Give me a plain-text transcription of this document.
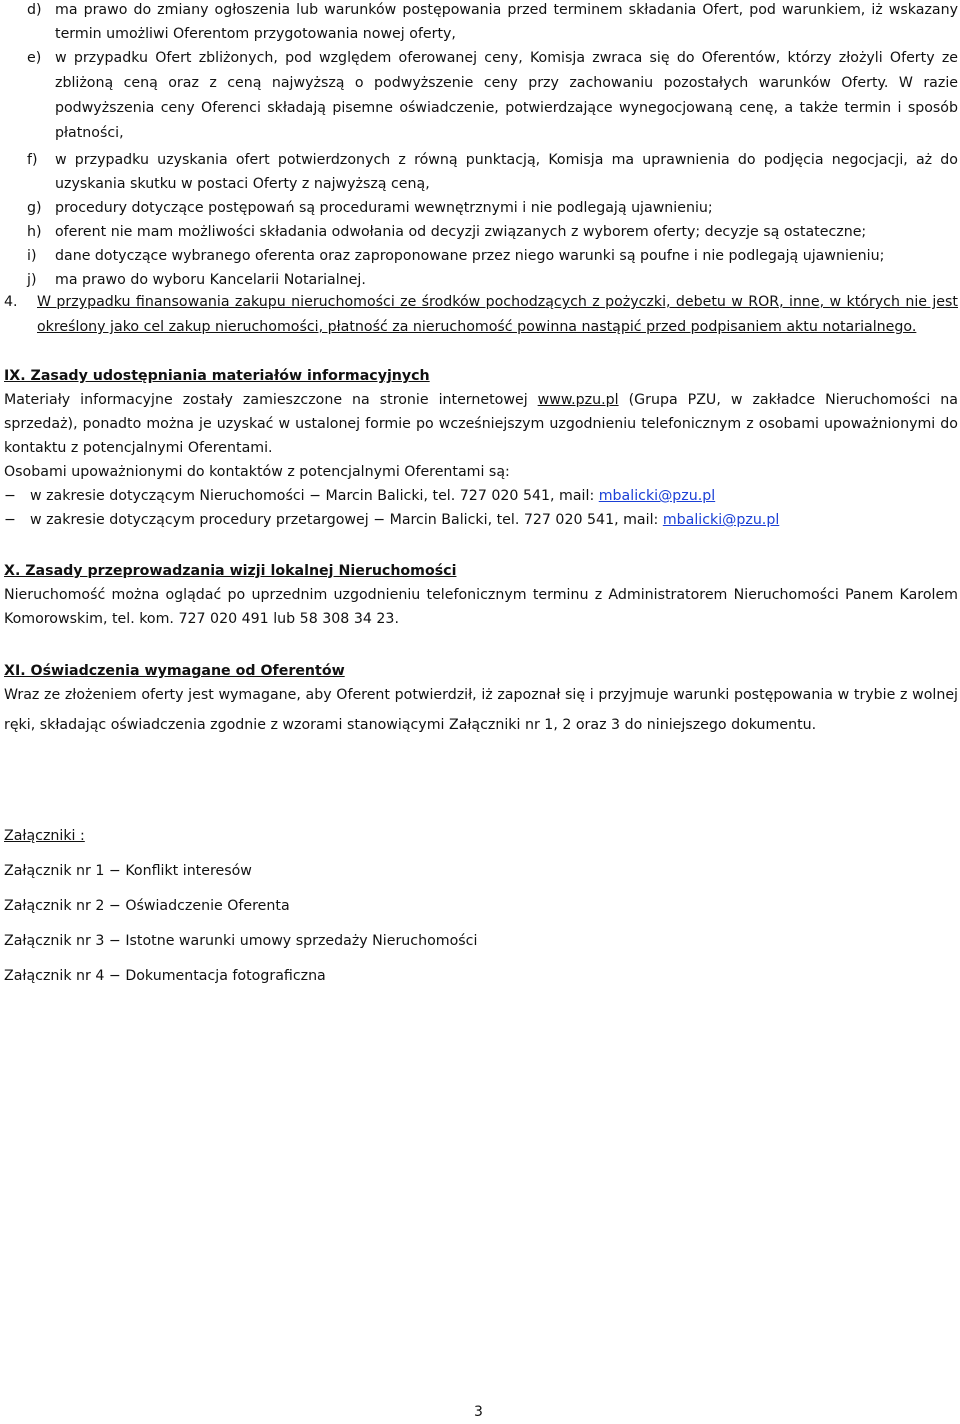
d) ma prawo do zmiany ogłoszenia lub warunków postępowania przed terminem składania Ofert, pod warunkiem, iż wskazany termin umożliwi Oferentom przygotowania nowej oferty,
e) w przypadku Ofert zbliżonych, pod względem oferowanej ceny, Komisja zwraca się do Oferentów, którzy złożyli Oferty ze zbliżoną ceną oraz z ceną najwyższą o podwyższenie ceny przy zachowaniu pozostałych warunków Oferty. W razie podwyższenia ceny Oferenci składają pisemne oświadczenie, potwierdzające wynegocjowaną cenę, a także termin i sposób płatności,
f) w przypadku uzyskania ofert potwierdzonych z równą punktacją, Komisja ma uprawnienia do podjęcia negocjacji, aż do uzyskania skutku w postaci Oferty z najwyższą ceną,
g) procedury dotyczące postępowań są procedurami wewnętrznymi i nie podlegają ujawnieniu;
h) oferent nie mam możliwości składania odwołania od decyzji związanych z wyborem oferty; decyzje są ostateczne;
i) dane dotyczące wybranego oferenta oraz zaproponowane przez niego warunki są poufne i nie podlegają ujawnieniu;
j) ma prawo do wyboru Kancelarii Notarialnej.
4. W przypadku finansowania zakupu nieruchomości ze środków pochodzących z pożyczki, debetu w ROR, inne, w których nie jest określony jako cel zakup nieruchomości, płatność za nieruchomość powinna nastąpić przed podpisaniem aktu notarialnego.

IX. Zasady udostępniania materiałów informacyjnych

Materiały informacyjne zostały zamieszczone na stronie internetowej www.pzu.pl (Grupa PZU, w zakładce Nieruchomości na sprzedaż), ponadto można je uzyskać w ustalonej formie po wcześniejszym uzgodnieniu telefonicznym z osobami upoważnionymi do kontaktu z potencjalnymi Oferentami.

Osobami upoważnionymi do kontaktów z potencjalnymi Oferentami są:

− w zakresie dotyczącym Nieruchomości − Marcin Balicki, tel. 727 020 541, mail: mbalicki@pzu.pl
− w zakresie dotyczącym procedury przetargowej − Marcin Balicki, tel. 727 020 541, mail: mbalicki@pzu.pl

X. Zasady przeprowadzania wizji lokalnej Nieruchomości

Nieruchomość można oglądać po uprzednim uzgodnieniu telefonicznym terminu z Administratorem Nieruchomości Panem Karolem Komorowskim, tel. kom. 727 020 491 lub 58 308 34 23.

XI. Oświadczenia wymagane od Oferentów

Wraz ze złożeniem oferty jest wymagane, aby Oferent potwierdził, iż zapoznał się i przyjmuje warunki postępowania w trybie z wolnej ręki, składając oświadczenia zgodnie z wzorami stanowiącymi Załączniki nr 1, 2 oraz 3 do niniejszego dokumentu.

Załączniki :

Załącznik nr 1 − Konflikt interesów

Załącznik nr 2 − Oświadczenie Oferenta

Załącznik nr 3 − Istotne warunki umowy sprzedaży Nieruchomości

Załącznik nr 4 − Dokumentacja fotograficzna

3
